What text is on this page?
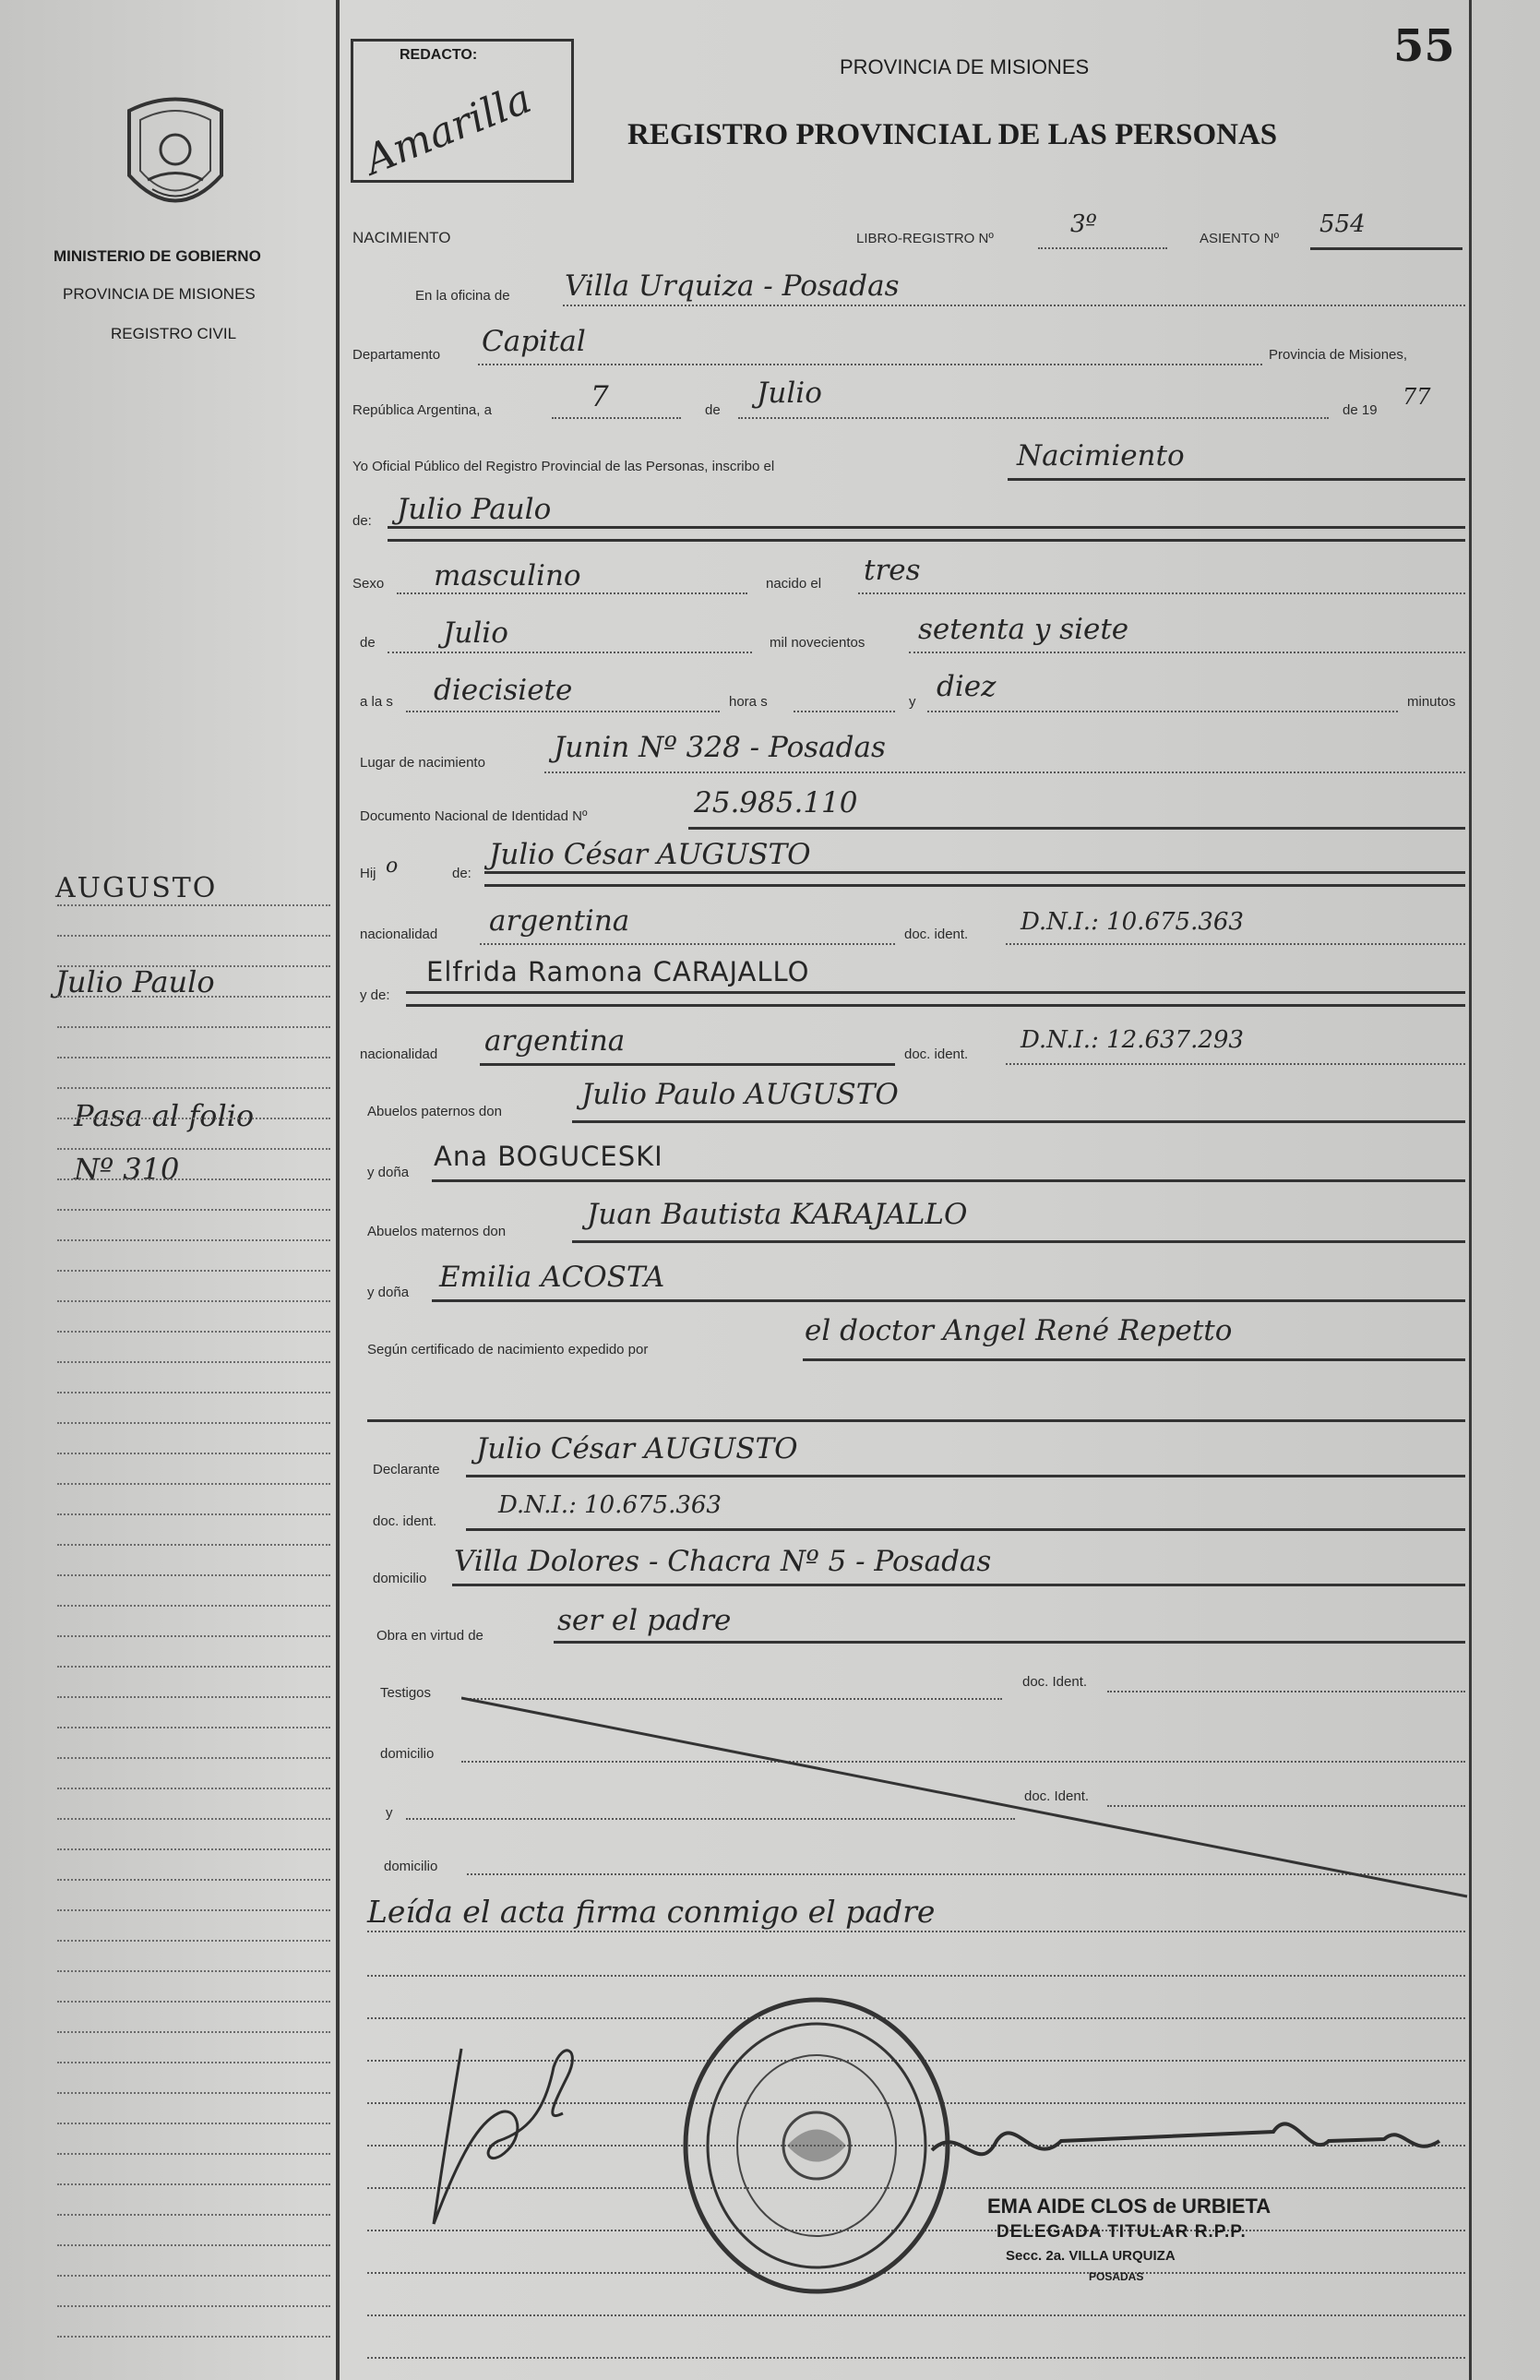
MINISTERIO DE GOBIERNO
PROVINCIA DE MISIONES
REGISTRO CIVIL
AUGUSTO
Julio Paulo
Pasa al folio
Nº 310
55
REDACTO:
Amarilla
PROVINCIA DE MISIONES
REGISTRO PROVINCIAL DE LAS PERSONAS
NACIMIENTO	LIBRO-REGISTRO Nº
3º
ASIENTO Nº
554
En la oficina de Villa Urquiza - Posadas
Departamento Capital	Provincia de Misiones,
República Argentina, a	7	de
Julio
de 19
77
Yo Oficial Público del Registro Provincial de las Personas, inscribo el	Nacimiento
de: Julio Paulo
Sexo masculino	nacido el tres
de Julio	mil novecientos setenta y siete
a la s diecisiete	hora s	y diez	minutos
Lugar de nacimiento Junin Nº 328 - Posadas
Documento Nacional de Identidad Nº	25.985.110
Hij o	de:
Julio César AUGUSTO
nacionalidad argentina	doc. ident. D.N.I.: 10.675.363
y de:
Elfrida Ramona CARAJALLO
nacionalidad argentina	doc. ident.
D.N.I.: 12.637.293
Abuelos paternos don
Julio Paulo AUGUSTO
y doña
Ana BOGUCESKI
Abuelos maternos don
Juan Bautista KARAJALLO
y doña Emilia ACOSTA
Según certificado de nacimiento expedido por
el doctor Angel René Repetto
Declarante
Julio César AUGUSTO
doc. ident.
D.N.I.: 10.675.363
domicilio
Villa Dolores - Chacra Nº 5 - Posadas
Obra en virtud de	ser el padre
Testigos
doc. Ident.
domicilio
y
doc. Ident.
domicilio
Leída el acta firma conmigo el padre
EMA AIDE CLOS de URBIETA
DELEGADA TITULAR R.P.P.
Secc. 2a. VILLA URQUIZA
POSADAS
